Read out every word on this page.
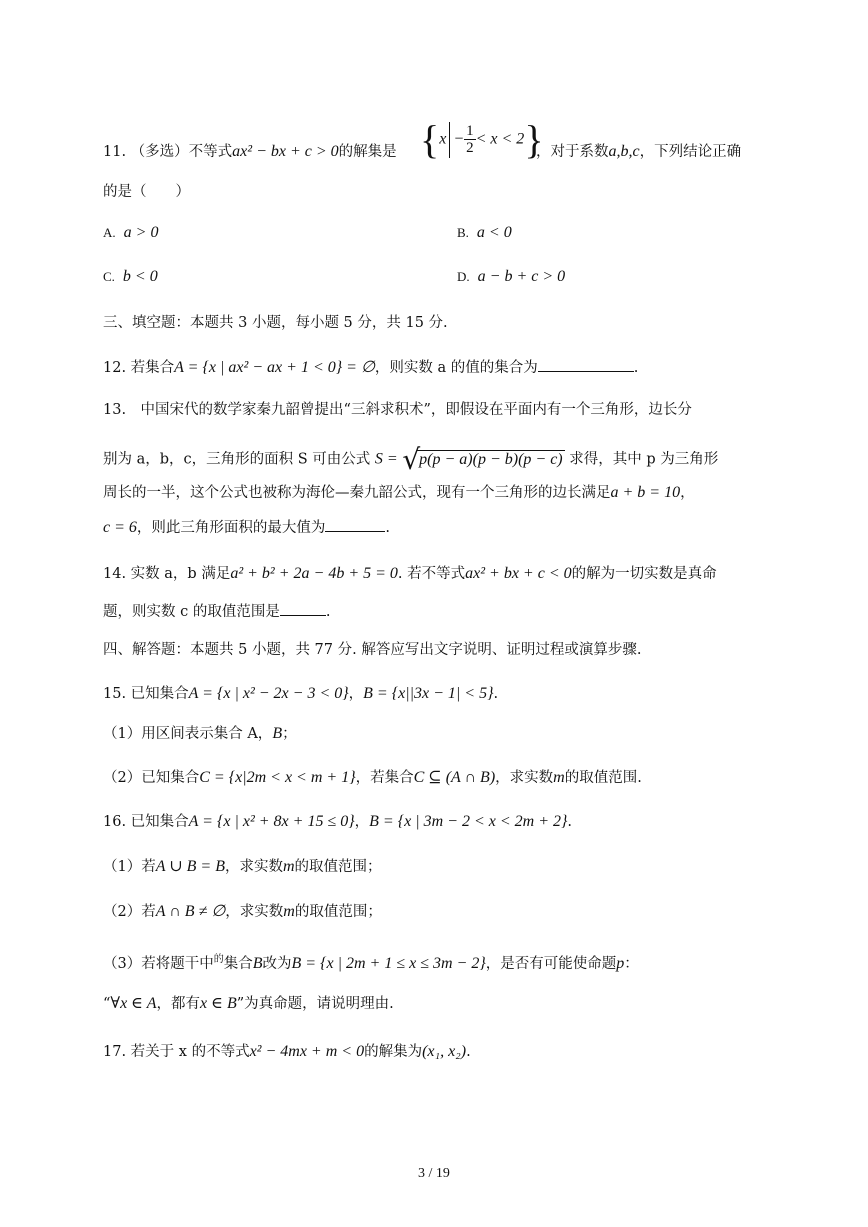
11. （多选）不等式ax² − bx + c > 0的解集是 $\{x - \frac{1}{2} < x < 2\}$
，对于系数a,b,c，下列结论正确
的是（　　）
A. a > 0	B. a < 0
C. b < 0	D. a − b + c > 0
三、填空题：本题共 3 小题，每小题 5 分，共 15 分.
12. 若集合A = {x | ax² − ax + 1 < 0} = ∅，则实数 a 的值的集合为	.
13.　中国宋代的数学家秦九韶曾提出“三斜求积术”，即假设在平面内有一个三角形，边长分
别为 a，b，c，三角形的面积 S 可由公式 S = √p(p − a)(p − b)(p − c) 求得，其中 p 为三角形
周长的一半，这个公式也被称为海伦—秦九韶公式，现有一个三角形的边长满足a + b = 10，
c = 6，则此三角形面积的最大值为	.
14. 实数 a，b 满足a² + b² + 2a − 4b + 5 = 0. 若不等式ax² + bx + c < 0的解为一切实数是真命
题，则实数 c 的取值范围是	.
四、解答题：本题共 5 小题，共 77 分. 解答应写出文字说明、证明过程或演算步骤.
15. 已知集合A = {x | x² − 2x − 3 < 0}，B = {x||3x − 1| < 5}.
（1）用区间表示集合 A，B；
（2）已知集合C = {x|2m < x < m + 1}，若集合C ⊆ (A ∩ B)，求实数m的取值范围.
16. 已知集合A = {x | x² + 8x + 15 ≤ 0}，B = {x | 3m − 2 < x < 2m + 2}.
（1）若A ∪ B = B，求实数m的取值范围；
（2）若A ∩ B ≠ ∅，求实数m的取值范围；
（3）若将题干中$^的$集合B改为B = {x | 2m + 1 ≤ x ≤ 3m − 2}，是否有可能使命题p：
“∀x ∈ A，都有x ∈ B”为真命题，请说明理由.
17. 若关于 x 的不等式x² − 4mx + m < 0的解集为(x₁, x₂).
3 / 19
